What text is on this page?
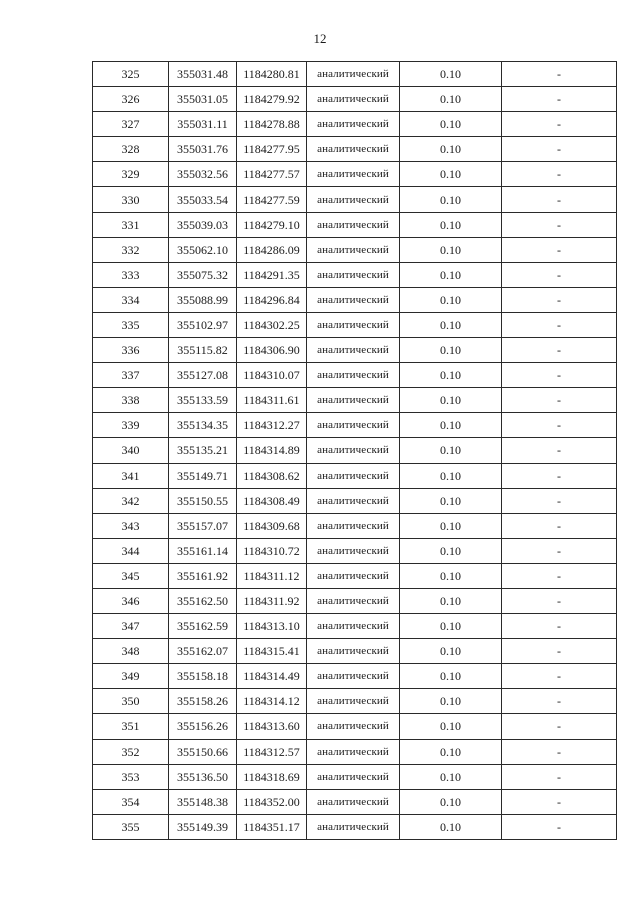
12
325	355031.48	1184280.81	аналитический	0.10	-
326	355031.05	1184279.92	аналитический	0.10	-
327	355031.11	1184278.88	аналитический	0.10	-
328	355031.76	1184277.95	аналитический	0.10	-
329	355032.56	1184277.57	аналитический	0.10	-
330	355033.54	1184277.59	аналитический	0.10	-
331	355039.03	1184279.10	аналитический	0.10	-
332	355062.10	1184286.09	аналитический	0.10	-
333	355075.32	1184291.35	аналитический	0.10	-
334	355088.99	1184296.84	аналитический	0.10	-
335	355102.97	1184302.25	аналитический	0.10	-
336	355115.82	1184306.90	аналитический	0.10	-
337	355127.08	1184310.07	аналитический	0.10	-
338	355133.59	1184311.61	аналитический	0.10	-
339	355134.35	1184312.27	аналитический	0.10	-
340	355135.21	1184314.89	аналитический	0.10	-
341	355149.71	1184308.62	аналитический	0.10	-
342	355150.55	1184308.49	аналитический	0.10	-
343	355157.07	1184309.68	аналитический	0.10	-
344	355161.14	1184310.72	аналитический	0.10	-
345	355161.92	1184311.12	аналитический	0.10	-
346	355162.50	1184311.92	аналитический	0.10	-
347	355162.59	1184313.10	аналитический	0.10	-
348	355162.07	1184315.41	аналитический	0.10	-
349	355158.18	1184314.49	аналитический	0.10	-
350	355158.26	1184314.12	аналитический	0.10	-
351	355156.26	1184313.60	аналитический	0.10	-
352	355150.66	1184312.57	аналитический	0.10	-
353	355136.50	1184318.69	аналитический	0.10	-
354	355148.38	1184352.00	аналитический	0.10	-
355	355149.39	1184351.17	аналитический	0.10	-
